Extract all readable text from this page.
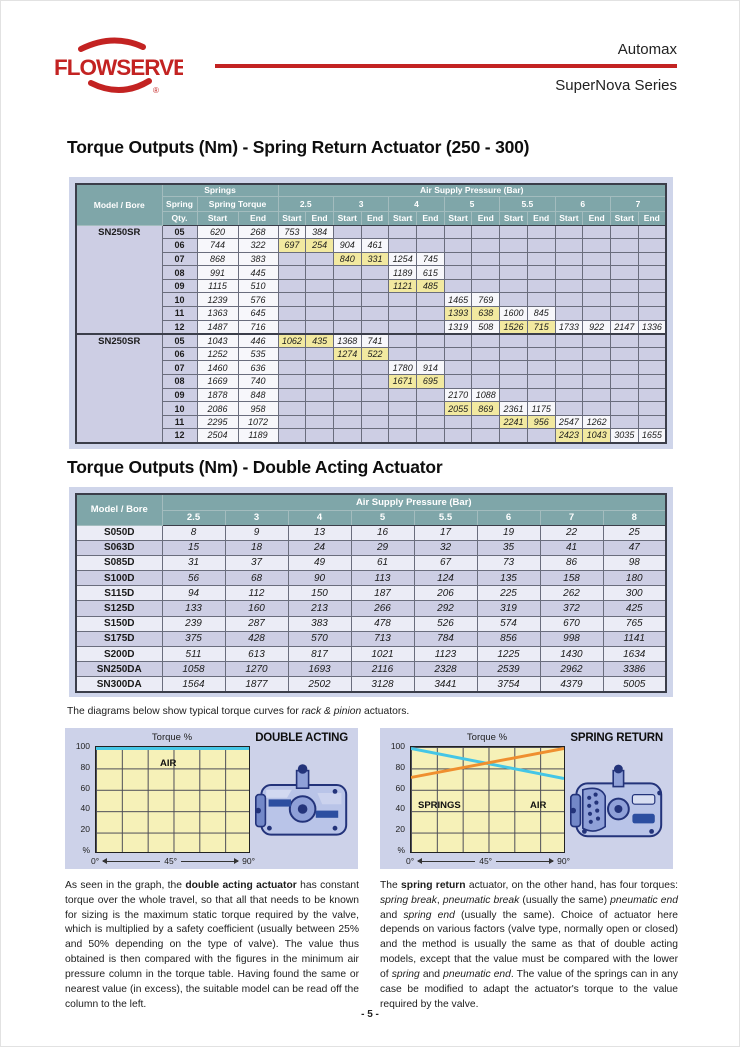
FLOWSERVE
®
Automax
SuperNova Series
Torque Outputs (Nm) - Spring Return Actuator (250 - 300)
Model / Bore	Springs			Air Supply Pressure (Bar)													
	Spring	Spring Torque		2.5		3		4		5		5.5		6		7	
	Qty.	Start	End	Start	End	Start	End	Start	End	Start	End	Start	End	Start	End	Start	End
SN250SR	05	620	268	753	384												
	06	744	322	697	254	904	461										
	07	868	383			840	331	1254	745								
	08	991	445					1189	615								
	09	1115	510					1121	485								
	10	1239	576							1465	769						
	11	1363	645							1393	638	1600	845				
	12	1487	716							1319	508	1526	715	1733	922	2147	1336
SN250SR	05	1043	446	1062	435	1368	741										
	06	1252	535			1274	522										
	07	1460	636					1780	914								
	08	1669	740					1671	695								
	09	1878	848							2170	1088						
	10	2086	958							2055	869	2361	1175				
	11	2295	1072									2241	956	2547	1262		
	12	2504	1189											2423	1043	3035	1655
Torque Outputs (Nm) - Double Acting Actuator
Model / Bore	Air Supply Pressure (Bar)							
	2.5	3	4	5	5.5	6	7	8
S050D	8	9	13	16	17	19	22	25
S063D	15	18	24	29	32	35	41	47
S085D	31	37	49	61	67	73	86	98
S100D	56	68	90	113	124	135	158	180
S115D	94	112	150	187	206	225	262	300
S125D	133	160	213	266	292	319	372	425
S150D	239	287	383	478	526	574	670	765
S175D	375	428	570	713	784	856	998	1141
S200D	511	613	817	1021	1123	1225	1430	1634
SN250DA	1058	1270	1693	2116	2328	2539	2962	3386
SN300DA	1564	1877	2502	3128	3441	3754	4379	5005
The diagrams below show typical torque curves for rack & pinion actuators.
Torque %	DOUBLE ACTING
100
80
60
40
20
%
AIR
0°	45°	90°
Torque %	SPRING RETURN
100
80
60
40
20
%
SPRINGS	AIR
0°	45°	90°

As seen in the graph, the double acting actuator has constant torque over the whole travel, so that all that needs to be known for sizing is the maximum static torque required by the valve, which is multiplied by a safety coefficient (usually between 25% and 50% depending on the type of valve). The value thus obtained is then compared with the figures in the minimum air pressure column in the torque table. Having found the same or nearest value (in excess), the suitable model can be read off the column to the left.

The spring return actuator, on the other hand, has four torques: spring break, pneumatic break (usually the same) pneumatic end and spring end (usually the same). Choice of actuator here depends on various factors (valve type, normally open or closed) and the method is usually the same as that of double acting models, except that the value must be compared with the lower of spring and pneumatic end. The value of the springs can in any case be modified to adapt the actuator's torque to the value required by the valve.

- 5 -
